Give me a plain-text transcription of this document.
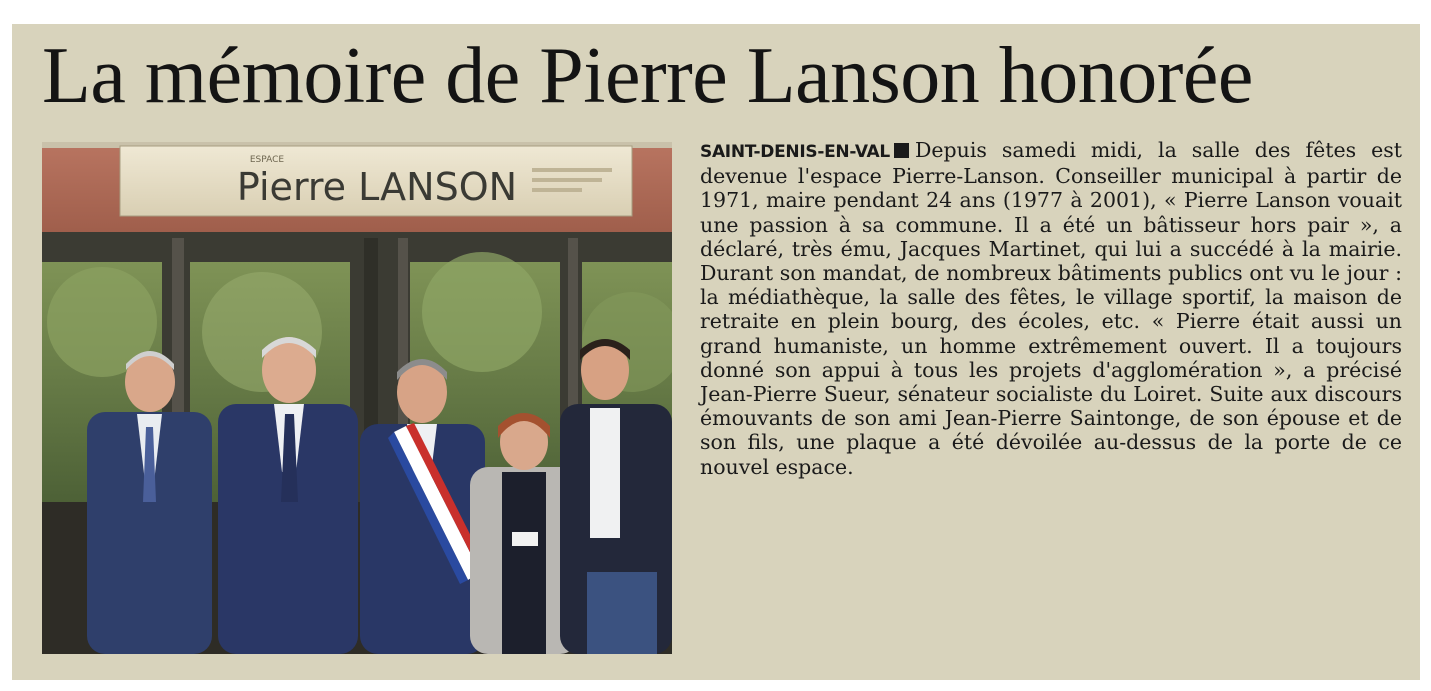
La mémoire de Pierre Lanson honorée
ESPACE
Pierre LANSON

SAINT-DENIS-EN-VAL Depuis samedi midi, la salle des fêtes est devenue l'espace Pierre-Lanson. Conseiller municipal à partir de 1971, maire pendant 24 ans (1977 à 2001), « Pierre Lanson vouait une passion à sa commune. Il a été un bâtisseur hors pair », a déclaré, très ému, Jacques Martinet, qui lui a succédé à la mairie. Durant son mandat, de nombreux bâtiments publics ont vu le jour : la médiathèque, la salle des fêtes, le village sportif, la maison de retraite en plein bourg, des écoles, etc. « Pierre était aussi un grand humaniste, un homme extrêmement ouvert. Il a toujours donné son appui à tous les projets d'agglomération », a précisé Jean-Pierre Sueur, sénateur socialiste du Loiret. Suite aux discours émouvants de son ami Jean-Pierre Saintonge, de son épouse et de son fils, une plaque a été dévoilée au-dessus de la porte de ce nouvel espace.
